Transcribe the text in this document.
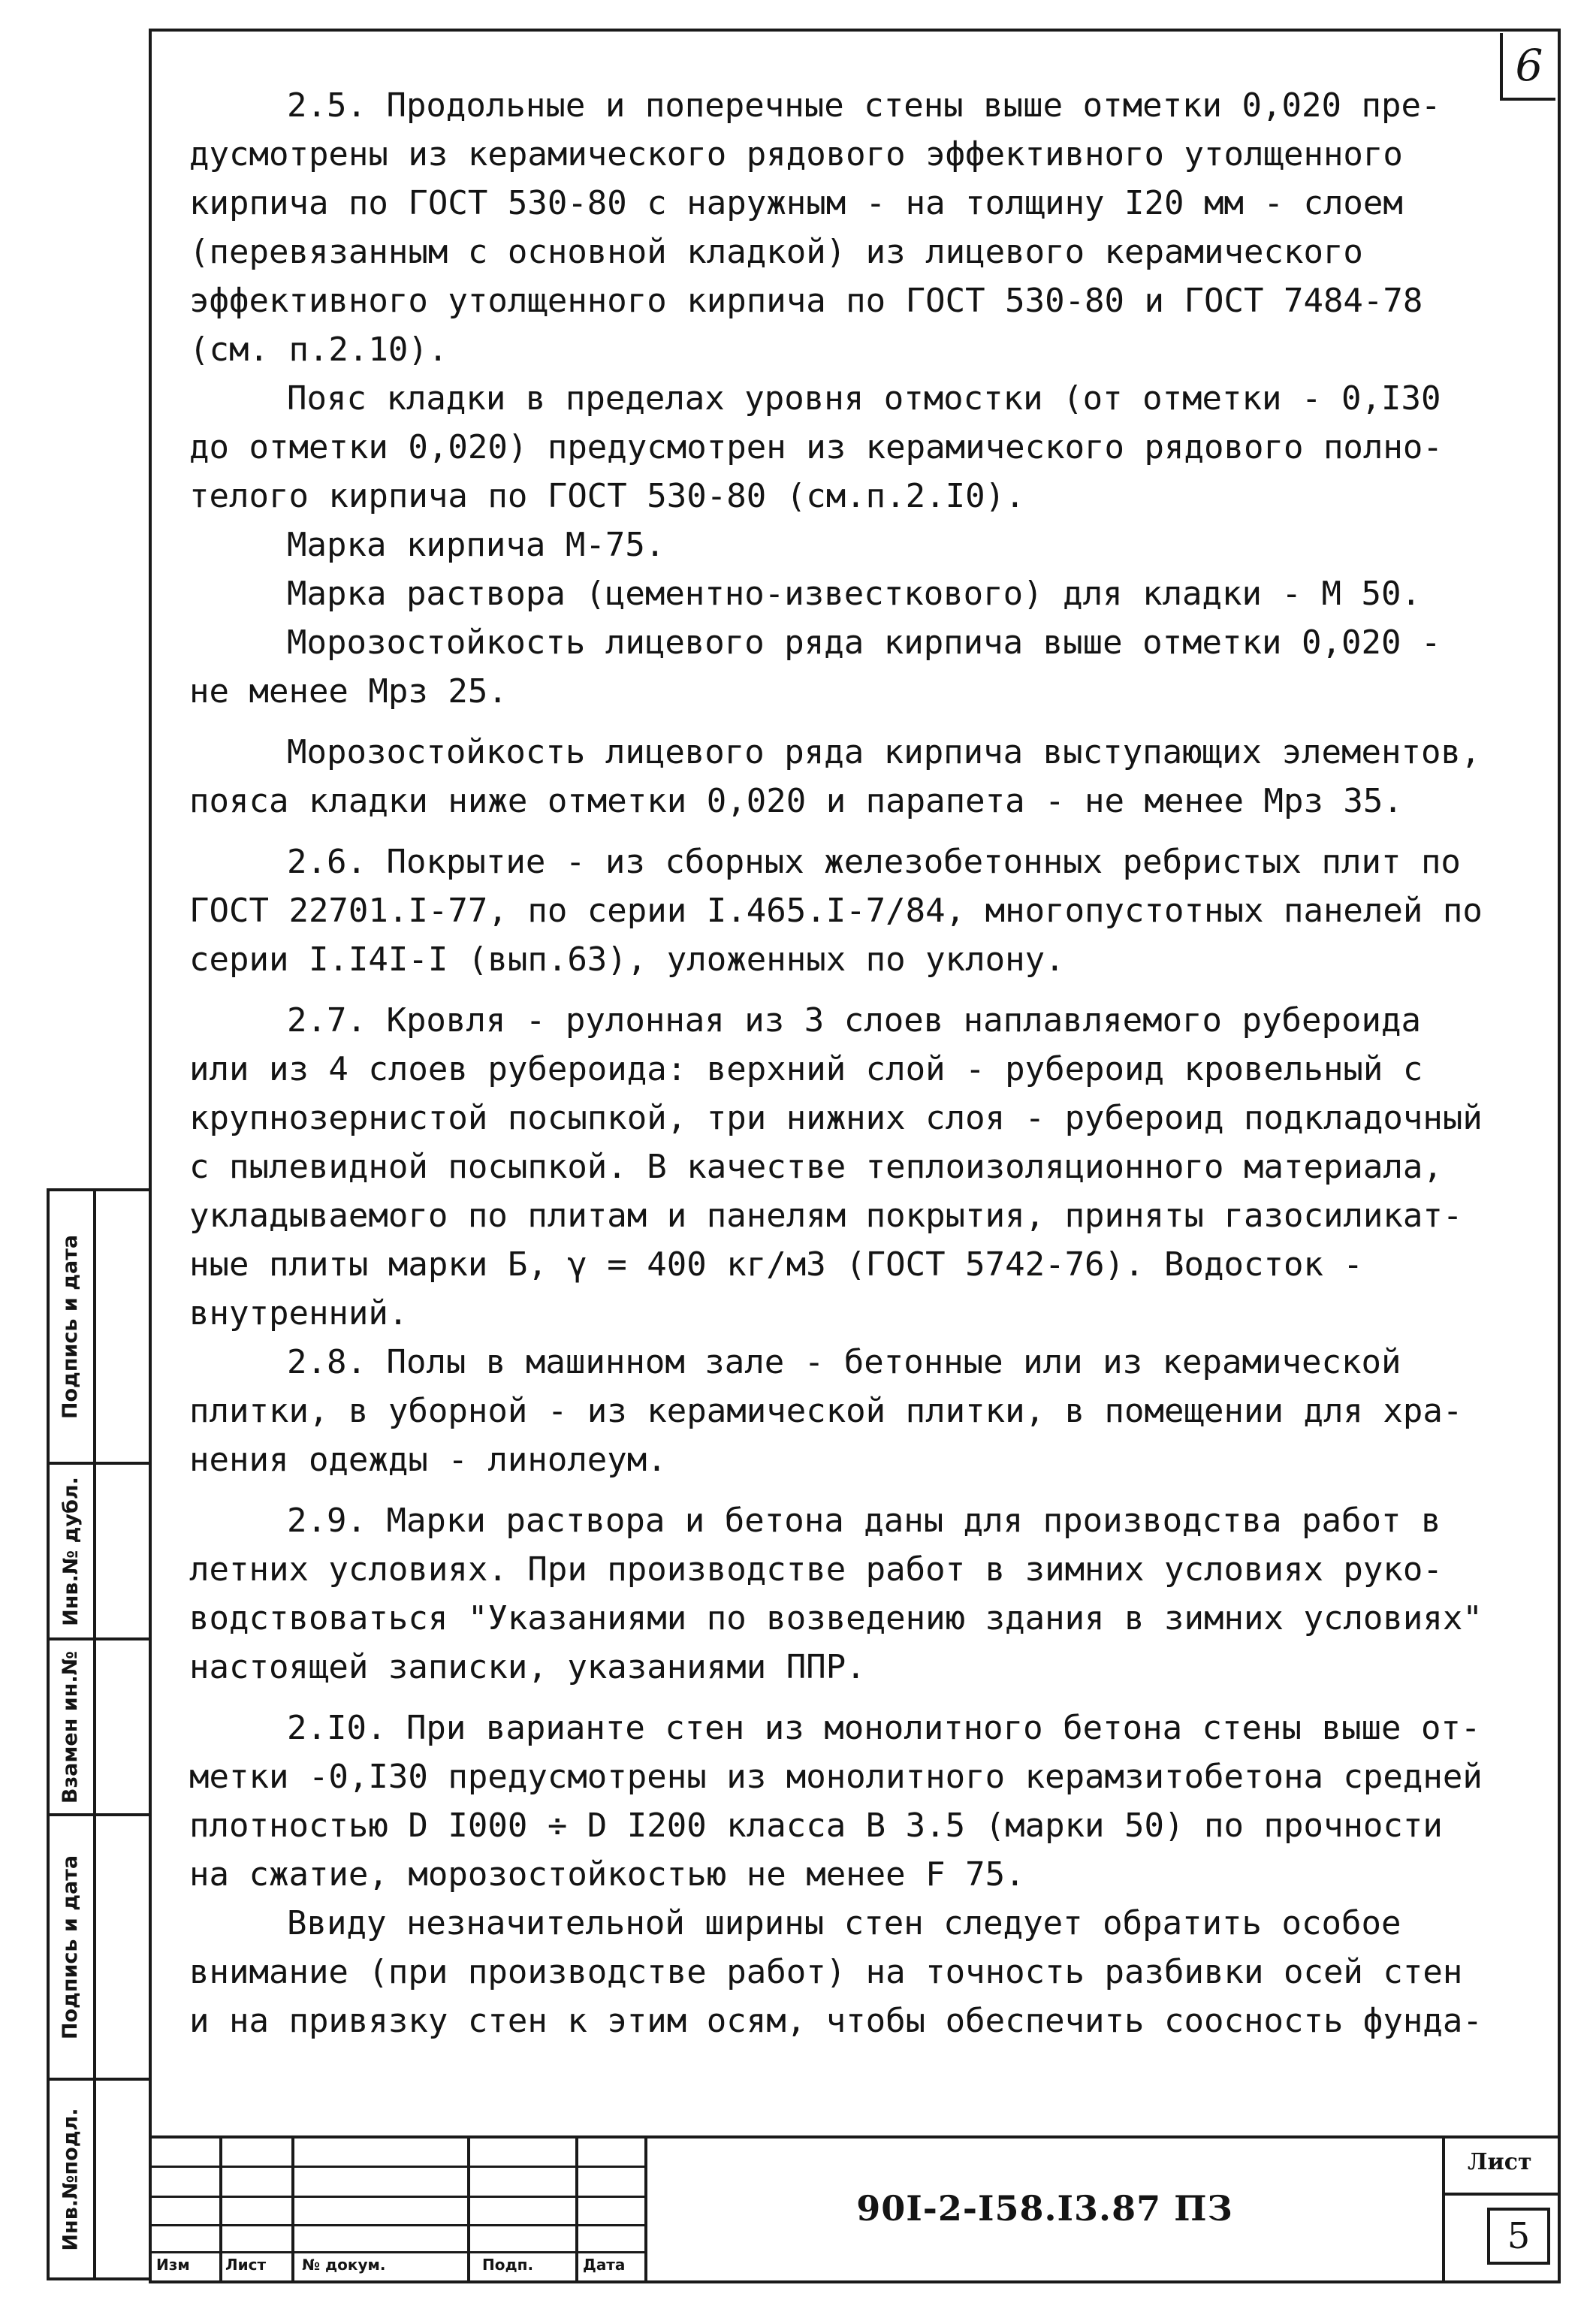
6
2.5. Продольные и поперечные стены выше отметки 0,020 пре-
дусмотрены из керамического рядового эффективного утолщенного
кирпича по ГОСТ 530-80 с наружным - на толщину I20 мм - слоем
(перевязанным с основной кладкой) из лицевого керамического
эффективного утолщенного кирпича по ГОСТ 530-80 и ГОСТ 7484-78
(см. п.2.10).
Пояс кладки в пределах уровня отмостки (от отметки - 0,I30
до отметки 0,020) предусмотрен из керамического рядового полно-
телого кирпича по ГОСТ 530-80 (см.п.2.I0).
Марка кирпича М-75.
Марка раствора (цементно-известкового) для кладки - М 50.
Морозостойкость лицевого ряда кирпича выше отметки 0,020 -
не менее Мрз 25.
Морозостойкость лицевого ряда кирпича выступающих элементов,
пояса кладки ниже отметки 0,020 и парапета - не менее Мрз 35.
2.6. Покрытие - из сборных железобетонных ребристых плит по
ГОСТ 22701.I-77, по серии I.465.I-7/84, многопустотных панелей по
серии I.I4I-I (вып.63), уложенных по уклону.
2.7. Кровля - рулонная из 3 слоев наплавляемого рубероида
или из 4 слоев рубероида: верхний слой - рубероид кровельный с
крупнозернистой посыпкой, три нижних слоя - рубероид подкладочный
с пылевидной посыпкой. В качестве теплоизоляционного материала,
укладываемого по плитам и панелям покрытия, приняты газосиликат-
ные плиты марки Б, γ = 400 кг/м3 (ГОСТ 5742-76). Водосток -
внутренний.
2.8. Полы в машинном зале - бетонные или из керамической
плитки, в уборной - из керамической плитки, в помещении для хра-
нения одежды - линолеум.
2.9. Марки раствора и бетона даны для производства работ в
летних условиях. При производстве работ в зимних условиях руко-
водствоваться "Указаниями по возведению здания в зимних условиях"
настоящей записки, указаниями ППР.
2.I0. При варианте стен из монолитного бетона стены выше от-
метки -0,I30 предусмотрены из монолитного керамзитобетона средней
плотностью D I000 ÷ D I200 класса В 3.5 (марки 50) по прочности
на сжатие, морозостойкостью не менее F 75.
Ввиду незначительной ширины стен следует обратить особое
внимание (при производстве работ) на точность разбивки осей стен
и на привязку стен к этим осям, чтобы обеспечить соосность фунда-
Подпись и дата
Инв.№ дубл.
Взамен ин.№
Подпись и дата
Инв.№подл.
Изм Лист № докум.	Подп.	Дата
90I-2-I58.I3.87 ПЗ
Лист
5
